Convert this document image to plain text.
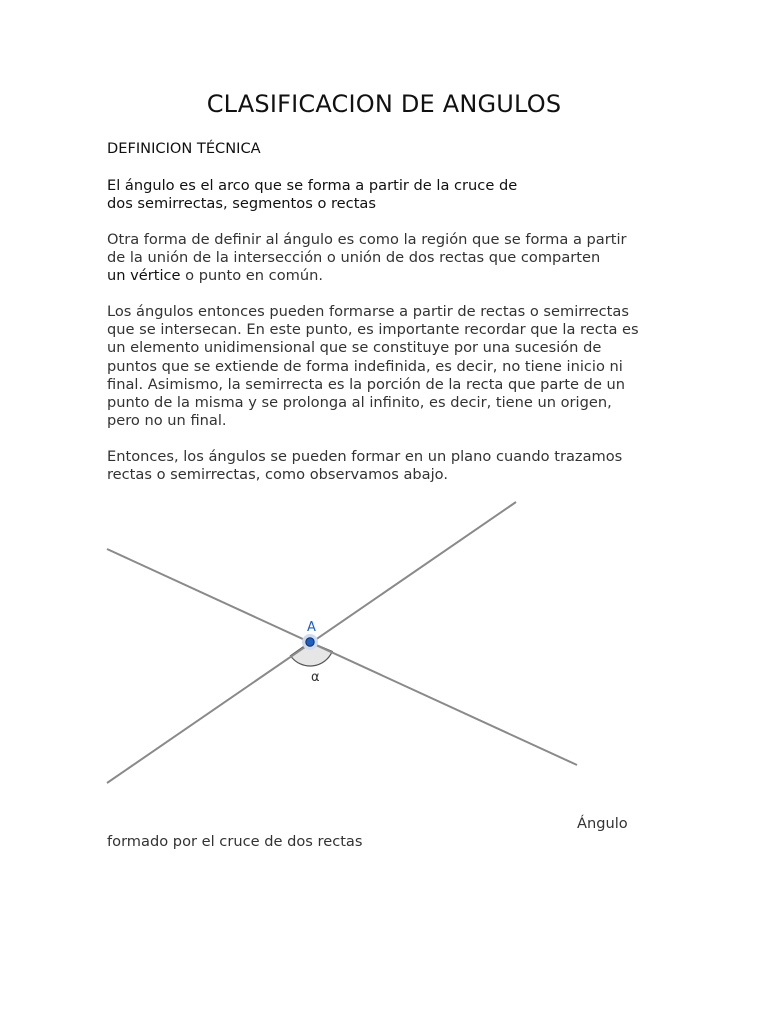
CLASIFICACION DE ANGULOS

DEFINICION TÉCNICA

El ángulo es el arco que se forma a partir de la cruce de
dos semirrectas, segmentos o rectas

Otra forma de definir al ángulo es como la región que se forma a partir
de la unión de la intersección o unión de dos rectas que comparten
un vértice o punto en común.

Los ángulos entonces pueden formarse a partir de rectas o semirrectas
que se intersecan. En este punto, es importante recordar que la recta es
un elemento unidimensional que se constituye por una sucesión de
puntos que se extiende de forma indefinida, es decir, no tiene inicio ni
final. Asimismo, la semirrecta es la porción de la recta que parte de un
punto de la misma y se prolonga al infinito, es decir, tiene un origen,
pero no un final.

Entonces, los ángulos se pueden formar en un plano cuando trazamos
rectas o semirrectas, como observamos abajo.

A
α
Ángulo
formado por el cruce de dos rectas
